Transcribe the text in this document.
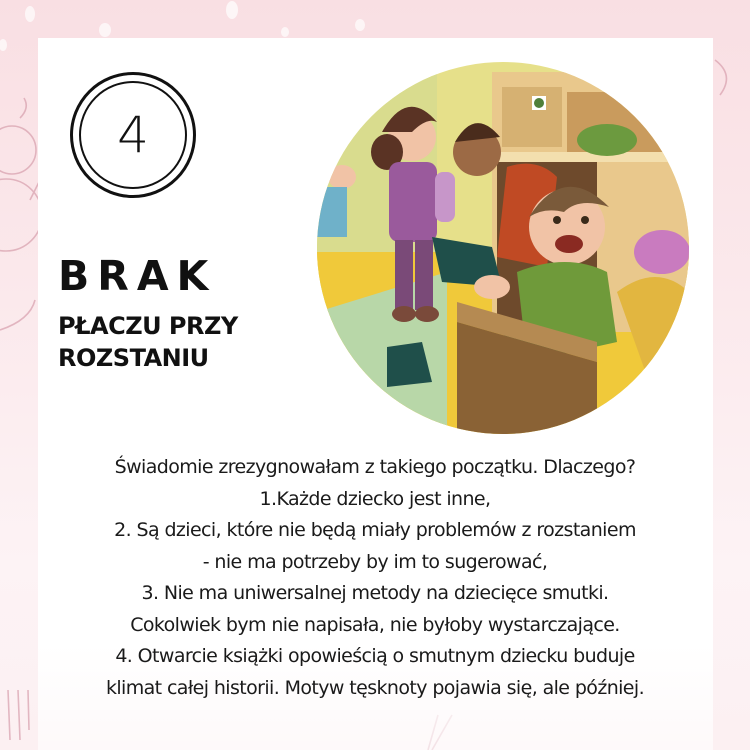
4
BRAK
PŁACZU PRZY
ROZSTANIU
Świadomie zrezygnowałam z takiego początku. Dlaczego?
1.Każde dziecko jest inne,
2. Są dzieci, które nie będą miały problemów z rozstaniem
- nie ma potrzeby by im to sugerować,
3. Nie ma uniwersalnej metody na dziecięce smutki.
Cokolwiek bym nie napisała, nie byłoby wystarczające.
4. Otwarcie książki opowieścią o smutnym dziecku buduje
klimat całej historii. Motyw tęsknoty pojawia się, ale później.
